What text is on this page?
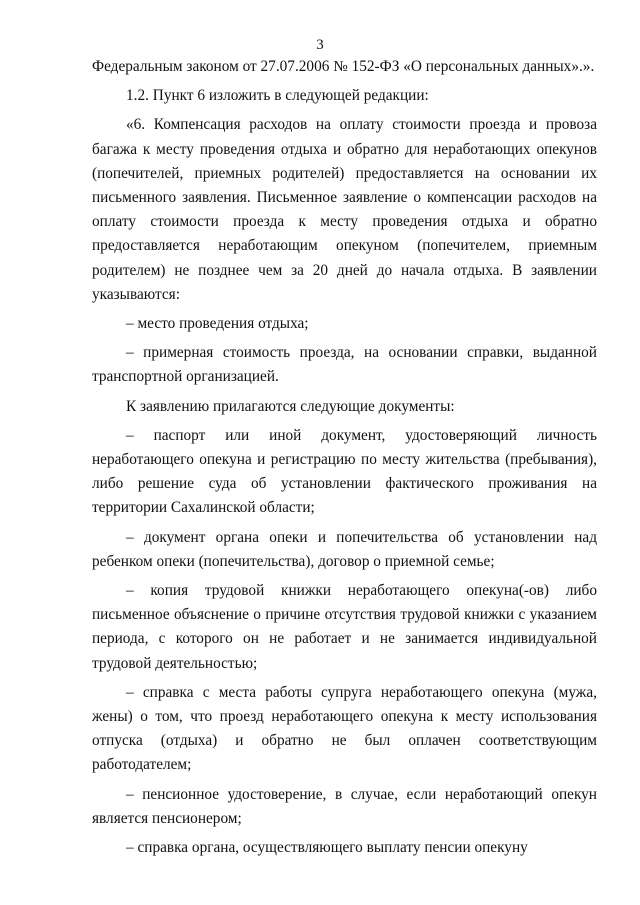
3

Федеральным законом от 27.07.2006 № 152-ФЗ «О персональных данных».».

1.2. Пункт 6 изложить в следующей редакции:

«6. Компенсация расходов на оплату стоимости проезда и провоза багажа к месту проведения отдыха и обратно для неработающих опекунов (попечителей, приемных родителей) предоставляется на основании их письменного заявления. Письменное заявление о компенсации расходов на оплату стоимости проезда к месту проведения отдыха и обратно предоставляется неработающим опекуном (попечителем, приемным родителем) не позднее чем за 20 дней до начала отдыха. В заявлении указываются:

– место проведения отдыха;

– примерная стоимость проезда, на основании справки, выданной транспортной организацией.

К заявлению прилагаются следующие документы:

– паспорт или иной документ, удостоверяющий личность неработающего опекуна и регистрацию по месту жительства (пребывания), либо решение суда об установлении фактического проживания на территории Сахалинской области;

– документ органа опеки и попечительства об установлении над ребенком опеки (попечительства), договор о приемной семье;

– копия трудовой книжки неработающего опекуна(-ов) либо письменное объяснение о причине отсутствия трудовой книжки с указанием периода, с которого он не работает и не занимается индивидуальной трудовой деятельностью;

– справка с места работы супруга неработающего опекуна (мужа, жены) о том, что проезд неработающего опекуна к месту использования отпуска (отдыха) и обратно не был оплачен соответствующим работодателем;

– пенсионное удостоверение, в случае, если неработающий опекун является пенсионером;

– справка органа, осуществляющего выплату пенсии опекуну
